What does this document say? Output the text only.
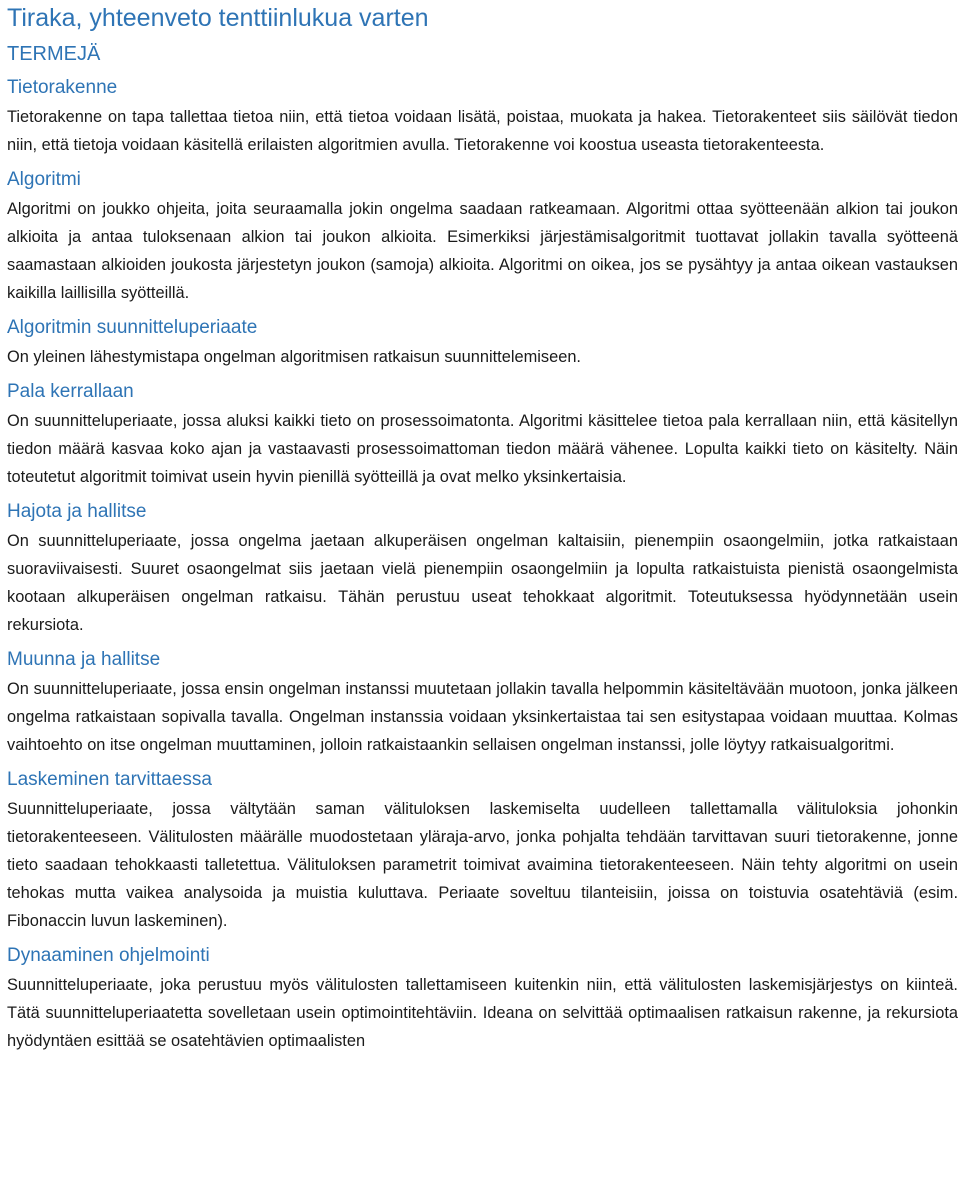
Tiraka, yhteenveto tenttiinlukua varten
TERMEJÄ
Tietorakenne

Tietorakenne on tapa tallettaa tietoa niin, että tietoa voidaan lisätä, poistaa, muokata ja hakea. Tietorakenteet siis säilövät tiedon niin, että tietoja voidaan käsitellä erilaisten algoritmien avulla. Tietorakenne voi koostua useasta tietorakenteesta.

Algoritmi

Algoritmi on joukko ohjeita, joita seuraamalla jokin ongelma saadaan ratkeamaan. Algoritmi ottaa syötteenään alkion tai joukon alkioita ja antaa tuloksenaan alkion tai joukon alkioita. Esimerkiksi järjestämisalgoritmit tuottavat jollakin tavalla syötteenä saamastaan alkioiden joukosta järjestetyn joukon (samoja) alkioita. Algoritmi on oikea, jos se pysähtyy ja antaa oikean vastauksen kaikilla laillisilla syötteillä.

Algoritmin suunnitteluperiaate

On yleinen lähestymistapa ongelman algoritmisen ratkaisun suunnittelemiseen.

Pala kerrallaan

On suunnitteluperiaate, jossa aluksi kaikki tieto on prosessoimatonta. Algoritmi käsittelee tietoa pala kerrallaan niin, että käsitellyn tiedon määrä kasvaa koko ajan ja vastaavasti prosessoimattoman tiedon määrä vähenee. Lopulta kaikki tieto on käsitelty. Näin toteutetut algoritmit toimivat usein hyvin pienillä syötteillä ja ovat melko yksinkertaisia.

Hajota ja hallitse

On suunnitteluperiaate, jossa ongelma jaetaan alkuperäisen ongelman kaltaisiin, pienempiin osaongelmiin, jotka ratkaistaan suoraviivaisesti. Suuret osaongelmat siis jaetaan vielä pienempiin osaongelmiin ja lopulta ratkaistuista pienistä osaongelmista kootaan alkuperäisen ongelman ratkaisu. Tähän perustuu useat tehokkaat algoritmit. Toteutuksessa hyödynnetään usein rekursiota.

Muunna ja hallitse

On suunnitteluperiaate, jossa ensin ongelman instanssi muutetaan jollakin tavalla helpommin käsiteltävään muotoon, jonka jälkeen ongelma ratkaistaan sopivalla tavalla. Ongelman instanssia voidaan yksinkertaistaa tai sen esitystapaa voidaan muuttaa. Kolmas vaihtoehto on itse ongelman muuttaminen, jolloin ratkaistaankin sellaisen ongelman instanssi, jolle löytyy ratkaisualgoritmi.

Laskeminen tarvittaessa

Suunnitteluperiaate, jossa vältytään saman välituloksen laskemiselta uudelleen tallettamalla välituloksia johonkin tietorakenteeseen. Välitulosten määrälle muodostetaan yläraja-arvo, jonka pohjalta tehdään tarvittavan suuri tietorakenne, jonne tieto saadaan tehokkaasti talletettua. Välituloksen parametrit toimivat avaimina tietorakenteeseen. Näin tehty algoritmi on usein tehokas mutta vaikea analysoida ja muistia kuluttava. Periaate soveltuu tilanteisiin, joissa on toistuvia osatehtäviä (esim. Fibonaccin luvun laskeminen).

Dynaaminen ohjelmointi

Suunnitteluperiaate, joka perustuu myös välitulosten tallettamiseen kuitenkin niin, että välitulosten laskemisjärjestys on kiinteä. Tätä suunnitteluperiaatetta sovelletaan usein optimointitehtäviin. Ideana on selvittää optimaalisen ratkaisun rakenne, ja rekursiota hyödyntäen esittää se osatehtävien optimaalisten
